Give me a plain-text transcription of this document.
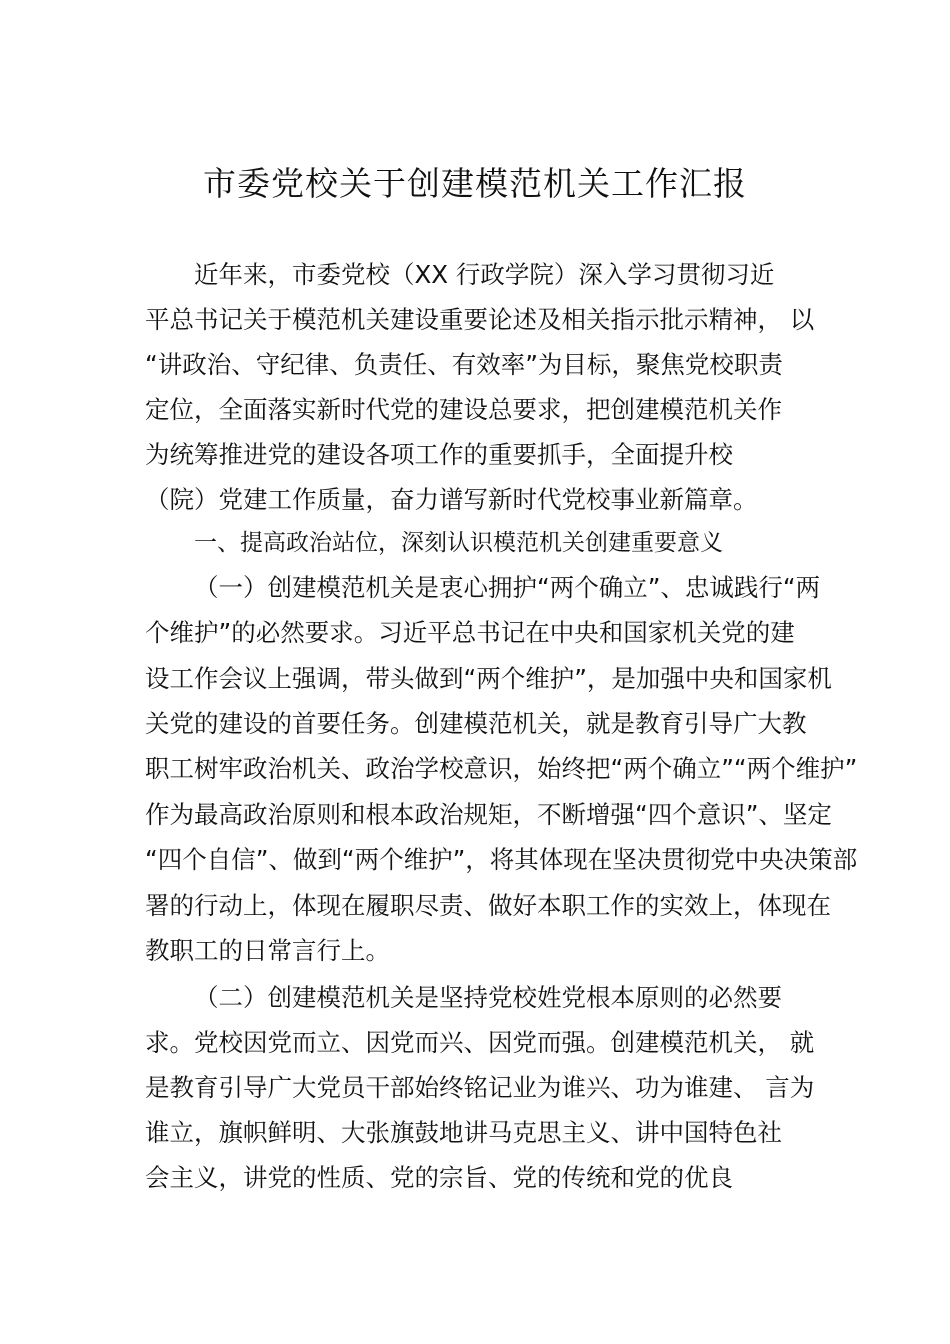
市委党校关于创建模范机关工作汇报
近年来，市委党校（XX 行政学院）深入学习贯彻习近
平总书记关于模范机关建设重要论述及相关指示批示精神， 以
“讲政治、守纪律、负责任、有效率”为目标，聚焦党校职责
定位，全面落实新时代党的建设总要求，把创建模范机关作
为统筹推进党的建设各项工作的重要抓手，全面提升校
（院）党建工作质量，奋力谱写新时代党校事业新篇章。
一、提高政治站位，深刻认识模范机关创建重要意义
（一）创建模范机关是衷心拥护“两个确立”、忠诚践行“两
个维护”的必然要求。习近平总书记在中央和国家机关党的建
设工作会议上强调，带头做到“两个维护”，是加强中央和国家机
关党的建设的首要任务。创建模范机关，就是教育引导广大教
职工树牢政治机关、政治学校意识，始终把“两个确立”“两个维护”
作为最高政治原则和根本政治规矩，不断增强“四个意识”、坚定
“四个自信”、做到“两个维护”，将其体现在坚决贯彻党中央决策部
署的行动上，体现在履职尽责、做好本职工作的实效上，体现在
教职工的日常言行上。
（二）创建模范机关是坚持党校姓党根本原则的必然要
求。党校因党而立、因党而兴、因党而强。创建模范机关， 就
是教育引导广大党员干部始终铭记业为谁兴、功为谁建、 言为
谁立，旗帜鲜明、大张旗鼓地讲马克思主义、讲中国特色社
会主义，讲党的性质、党的宗旨、党的传统和党的优良
